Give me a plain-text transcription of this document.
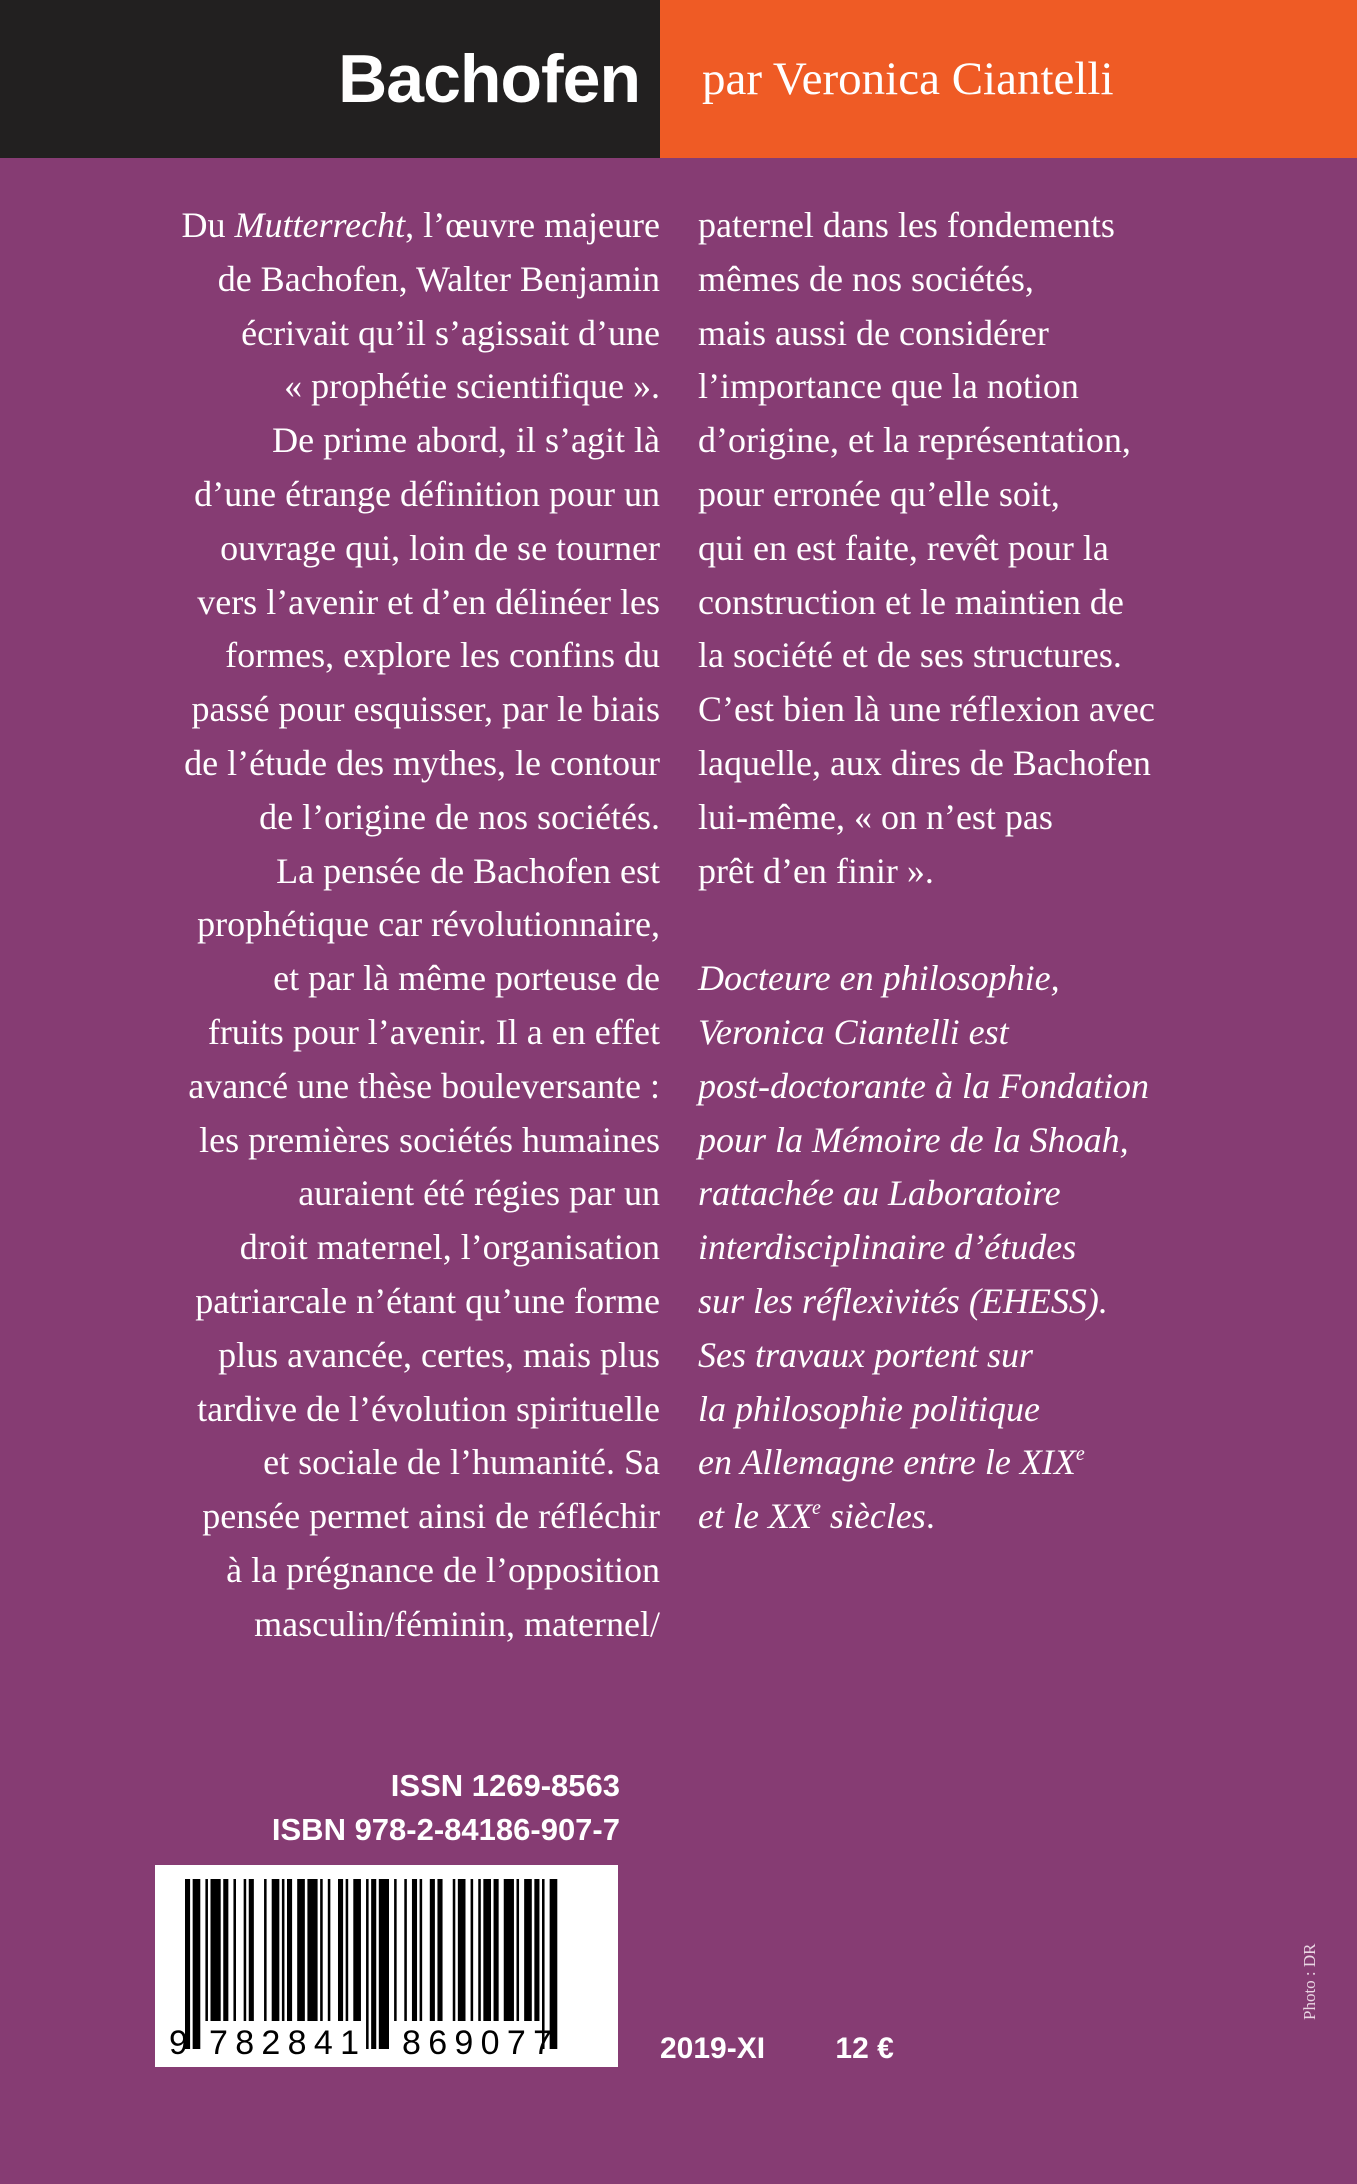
Bachofen par Veronica Ciantelli
Du Mutterrecht, l’œuvre majeure
de Bachofen, Walter Benjamin
écrivait qu’il s’agissait d’une
« prophétie scientifique ».
De prime abord, il s’agit là
d’une étrange définition pour un
ouvrage qui, loin de se tourner
vers l’avenir et d’en délinéer les
formes, explore les confins du
passé pour esquisser, par le biais
de l’étude des mythes, le contour
de l’origine de nos sociétés.
La pensée de Bachofen est
prophétique car révolutionnaire,
et par là même porteuse de
fruits pour l’avenir. Il a en effet
avancé une thèse bouleversante :
les premières sociétés humaines
auraient été régies par un
droit maternel, l’organisation
patriarcale n’étant qu’une forme
plus avancée, certes, mais plus
tardive de l’évolution spirituelle
et sociale de l’humanité. Sa
pensée permet ainsi de réfléchir
à la prégnance de l’opposition
masculin/féminin, maternel/
paternel dans les fondements
mêmes de nos sociétés,
mais aussi de considérer
l’importance que la notion
d’origine, et la représentation,
pour erronée qu’elle soit,
qui en est faite, revêt pour la
construction et le maintien de
la société et de ses structures.
C’est bien là une réflexion avec
laquelle, aux dires de Bachofen
lui-même, « on n’est pas
prêt d’en finir ».
Docteure en philosophie,
Veronica Ciantelli est
post-doctorante à la Fondation
pour la Mémoire de la Shoah,
rattachée au Laboratoire
interdisciplinaire d’études
sur les réflexivités (EHESS).
Ses travaux portent sur
la philosophie politique
en Allemagne entre le XIXe
et le XXe siècles.
ISSN 1269-8563
ISBN 978-2-84186-907-7
9 782841 869077	2019-XI 12 €
Photo : DR
